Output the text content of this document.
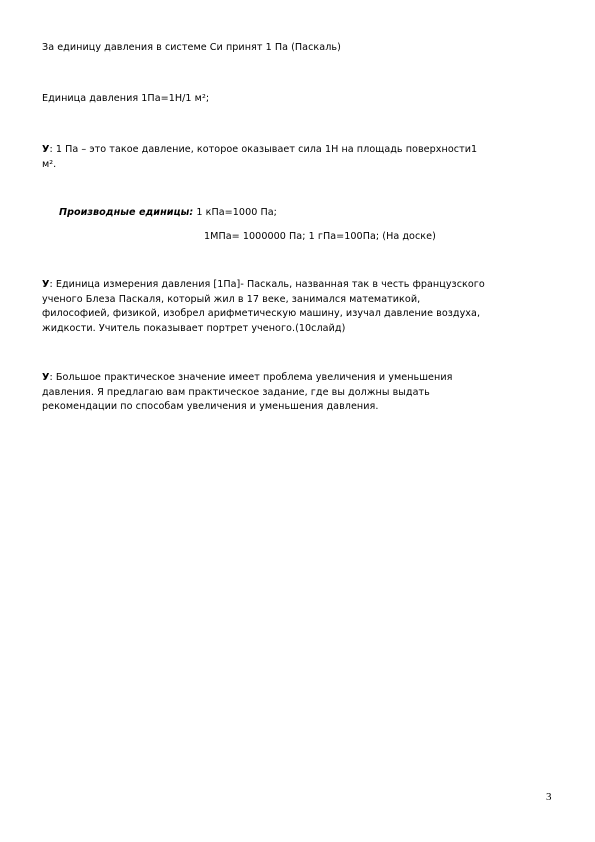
За единицу давления в системе Си принят 1 Па (Паскаль)
Единица давления 1Па=1Н/1 м²;
У: 1 Па – это такое давление, которое оказывает сила 1Н на площадь поверхности1
м².
Производные единицы: 1 кПа=1000 Па;
1МПа= 1000000 Па; 1 гПа=100Па; (На доске)
У: Единица измерения давления [1Па]- Паскаль, названная так в честь французского
ученого Блеза Паскаля, который жил в 17 веке, занимался математикой,
философией, физикой, изобрел арифметическую машину, изучал давление воздуха,
жидкости. Учитель показывает портрет ученого.(10слайд)
У: Большое практическое значение имеет проблема увеличения и уменьшения
давления. Я предлагаю вам практическое задание, где вы должны выдать
рекомендации по способам увеличения и уменьшения давления.
3
